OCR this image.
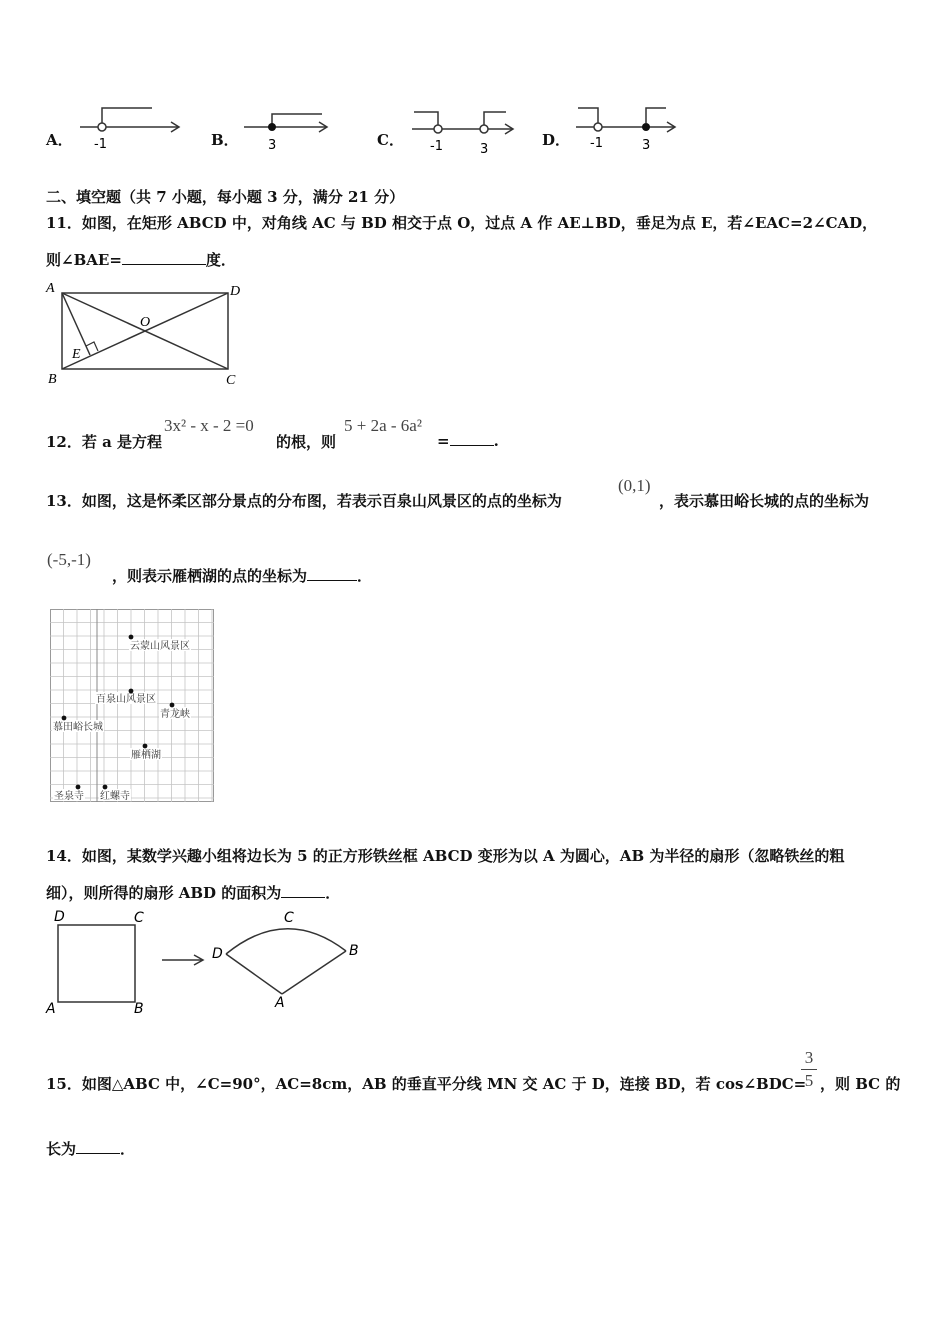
A． -1	B． 3	C． -1	3
D． -1	3
二、填空题（共 7 小题，每小题 3 分，满分 21 分）
11．如图，在矩形 ABCD 中，对角线 AC 与 BD 相交于点 O，过点 A 作 AE⊥BD，垂足为点 E，若∠EAC=2∠CAD，
则∠BAE=	度．
A	D
B	C
O
E
12．若 a 是方程
3x² - x - 2 =0
的根，则
5 + 2a - 6a²
=	.
13．如图，这是怀柔区部分景点的分布图，若表示百泉山风景区的点的坐标为
(0,1)
，表示慕田峪长城的点的坐标为
(-5,-1)
，则表示雁栖湖的点的坐标为	．
云蒙山风景区
百泉山风景区
青龙峡
慕田峪长城
雁栖湖
圣泉寺 红螺寺
14．如图，某数学兴趣小组将边长为 5 的正方形铁丝框 ABCD 变形为以 A 为圆心，AB 为半径的扇形（忽略铁丝的粗
细），则所得的扇形 ABD 的面积为	．
D	C
A	B
C
D	B
A
15．如图△ABC 中，∠C=90°，AC=8cm，AB 的垂直平分线 MN 交 AC 于 D，连接 BD，若 cos∠BDC=
3
5 ，则 BC 的
长为	．
